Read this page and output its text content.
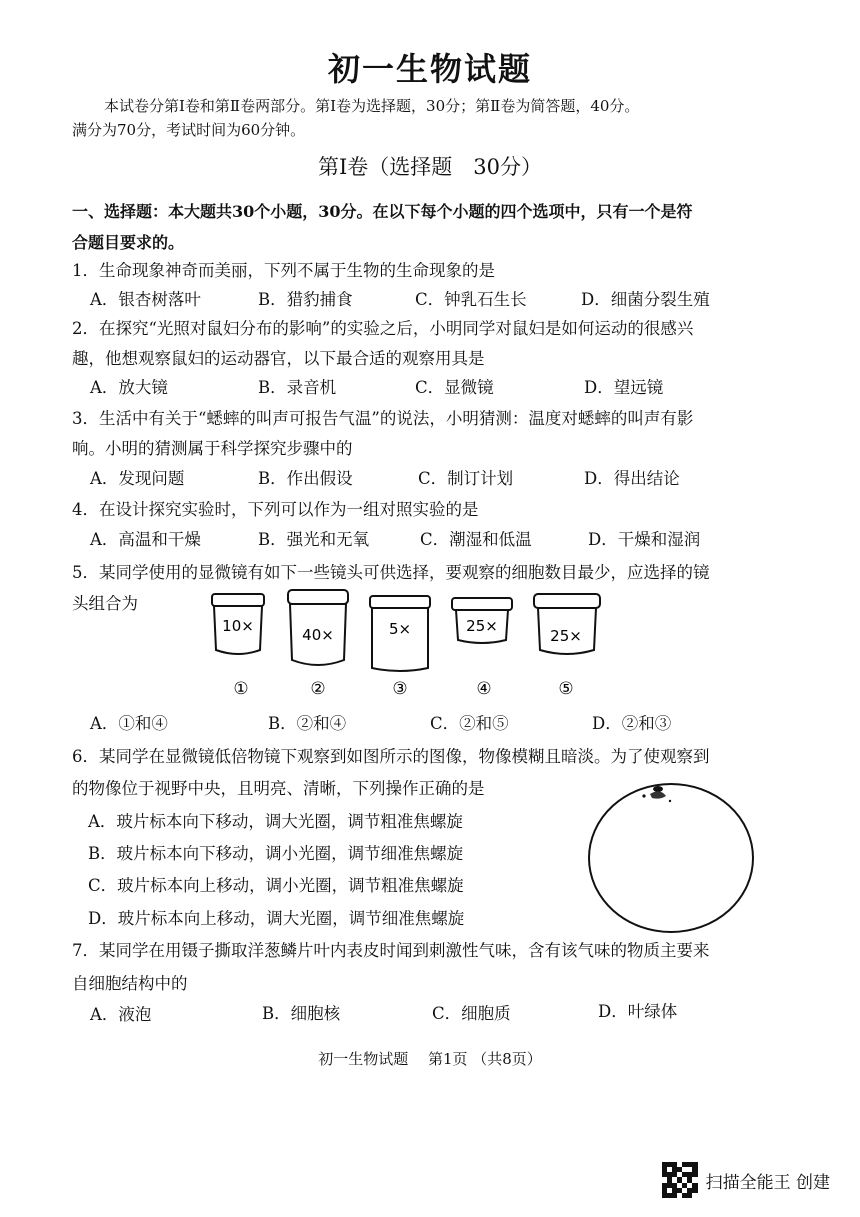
初一生物试题
本试卷分第Ⅰ卷和第Ⅱ卷两部分。第Ⅰ卷为选择题，30分；第Ⅱ卷为简答题，40分。
满分为70分，考试时间为60分钟。
第Ⅰ卷（选择题　30分）
一、选择题：本大题共30个小题，30分。在以下每个小题的四个选项中，只有一个是符
合题目要求的。
1．生命现象神奇而美丽，下列不属于生物的生命现象的是
A．银杏树落叶	B．猎豹捕食	C．钟乳石生长	D．细菌分裂生殖
2．在探究“光照对鼠妇分布的影响”的实验之后，小明同学对鼠妇是如何运动的很感兴
趣，他想观察鼠妇的运动器官，以下最合适的观察用具是
A．放大镜	B．录音机	C．显微镜	D．望远镜
3．生活中有关于“蟋蟀的叫声可报告气温”的说法，小明猜测：温度对蟋蟀的叫声有影
响。小明的猜测属于科学探究步骤中的
A．发现问题	B．作出假设	C．制订计划	D．得出结论
4．在设计探究实验时，下列可以作为一组对照实验的是
A．高温和干燥	B．强光和无氧	C．潮湿和低温	D．干燥和湿润
5．某同学使用的显微镜有如下一些镜头可供选择，要观察的细胞数目最少，应选择的镜
头组合为
10×
①
40×
②
5×
③
25×
④
25×
⑤
A．①和④	B．②和④	C．②和⑤	D．②和③
6．某同学在显微镜低倍物镜下观察到如图所示的图像，物像模糊且暗淡。为了使观察到
的物像位于视野中央，且明亮、清晰，下列操作正确的是
A．玻片标本向下移动，调大光圈，调节粗准焦螺旋
B．玻片标本向下移动，调小光圈，调节细准焦螺旋
C．玻片标本向上移动，调小光圈，调节粗准焦螺旋
D．玻片标本向上移动，调大光圈，调节细准焦螺旋
7．某同学在用镊子撕取洋葱鳞片叶内表皮时闻到刺激性气味，含有该气味的物质主要来
自细胞结构中的
A．液泡	B．细胞核	C．细胞质	D．叶绿体
初一生物试题　 第1页 （共8页）
扫描全能王 创建
